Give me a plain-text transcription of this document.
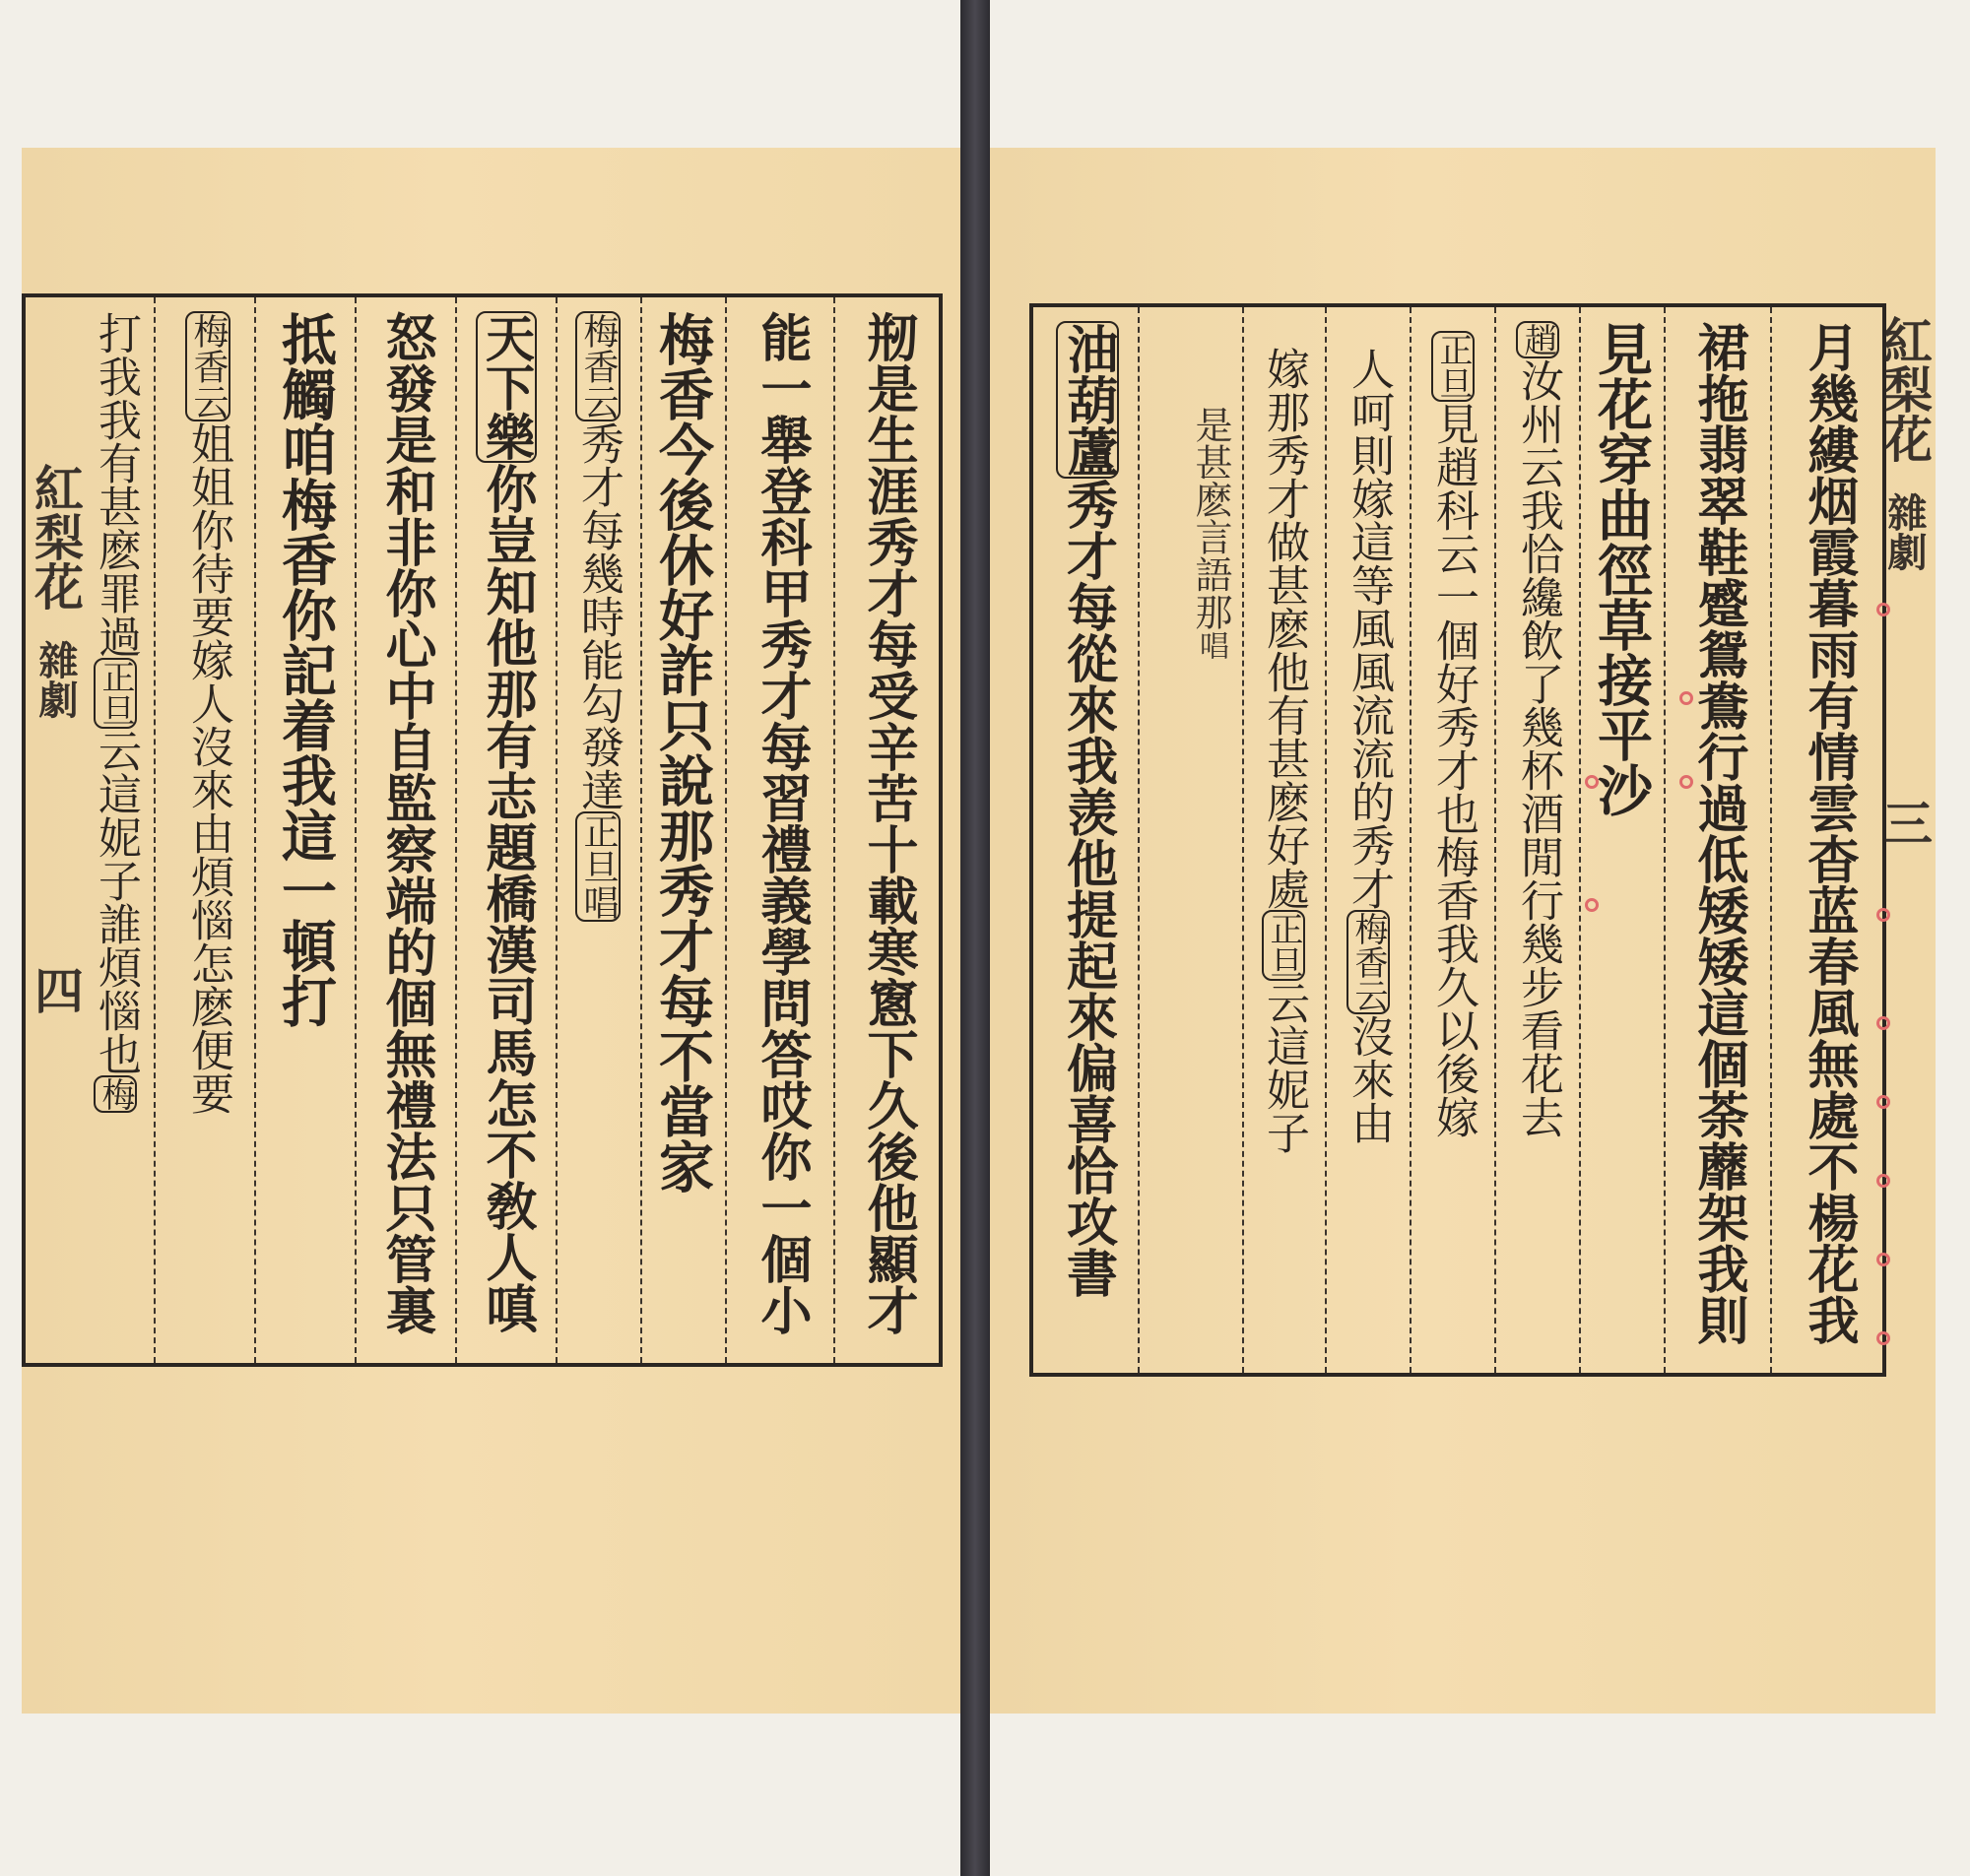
紅梨花
雜劇
四
打我我有甚麽罪過
正旦
云這妮子誰煩惱也
梅
梅香云
姐姐你待要嫁人沒來由煩惱怎麽便要 抵觸咱梅香你記着我這一頓打 怒發是和非你心中自監察端的個無禮法只管裏 天下樂
你豈知他那有志題橋漢司馬怎不敎人嗔
梅香云
秀才每幾時能勾發達
正旦唱 梅香今後休好詐只說那秀才每不當家 能一舉登科甲秀才每習禮義學問答哎你一個小 剏是生涯秀才每受辛苦十載寒窻下久後他顯才	紅梨花
雜劇
三
油葫蘆
秀才每從來我羡他提起來偏喜恰攻書 是甚麽言語那
唱 嫁那秀才做甚麽他有甚麽好處
正旦
云這妮子
人呵則嫁這等風風流流的秀才
梅香云
沒來由
正旦
見趙科云一個好秀才也梅香我久以後嫁
趙
汝州云我恰纔飲了幾杯酒閒行幾步看花去 見花穿曲徑草接平沙 裙拖翡翠鞋蹙鴛鴦行過低矮矮這個荼蘼架我則 月幾縷烟霞暮雨有情雲杳蓝春風無處不楊花我
